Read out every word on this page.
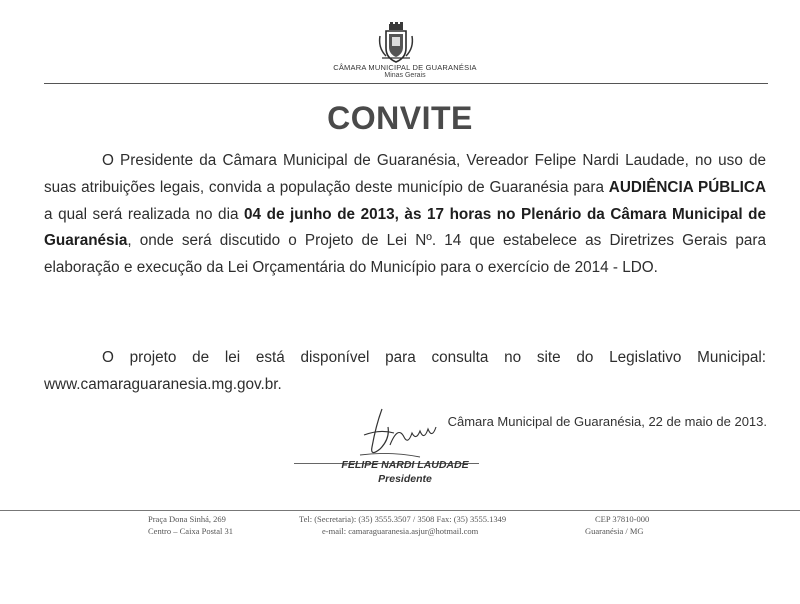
CÂMARA MUNICIPAL DE GUARANÉSIA
Minas Gerais
CONVITE

O Presidente da Câmara Municipal de Guaranésia, Vereador Felipe Nardi Laudade, no uso de suas atribuições legais, convida a população deste município de Guaranésia para AUDIÊNCIA PÚBLICA a qual será realizada no dia 04 de junho de 2013, às 17 horas no Plenário da Câmara Municipal de Guaranésia, onde será discutido o Projeto de Lei Nº. 14 que estabelece as Diretrizes Gerais para elaboração e execução da Lei Orçamentária do Município para o exercício de 2014 - LDO.

O projeto de lei está disponível para consulta no site do Legislativo Municipal: www.camaraguaranesia.mg.gov.br.

Câmara Municipal de Guaranésia, 22 de maio de 2013.
FELIPE NARDI LAUDADE
Presidente
Praça Dona Sinhá, 269
Centro – Caixa Postal 31
Tel: (Secretaria): (35) 3555.3507 / 3508 Fax: (35) 3555.1349
e-mail: camaraguaranesia.asjur@hotmail.com
CEP 37810-000
Guaranésia / MG
